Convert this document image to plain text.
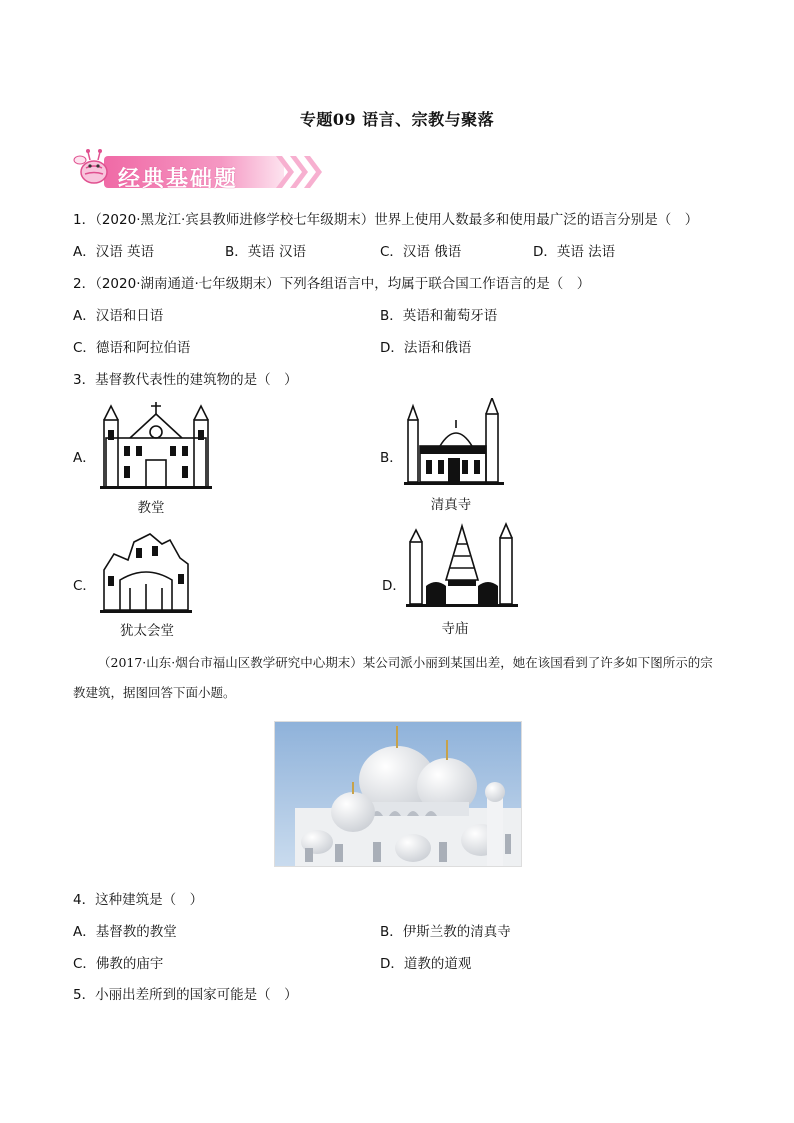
专题09 语言、宗教与聚落
经典基础题
1．（2020·黑龙江·宾县教师进修学校七年级期末）世界上使用人数最多和使用最广泛的语言分别是（　）
A．汉语 英语	B．英语 汉语	C．汉语 俄语	D．英语 法语
2．（2020·湖南通道·七年级期末）下列各组语言中，均属于联合国工作语言的是（　）
A．汉语和日语	B．英语和葡萄牙语
C．德语和阿拉伯语	D．法语和俄语
3．基督教代表性的建筑物的是（　）
A．
教堂
B．
清真寺
C．
犹太会堂
D．
寺庙
（2017·山东·烟台市福山区教学研究中心期末）某公司派小丽到某国出差，她在该国看到了许多如下图所示的宗教建筑，据图回答下面小题。
4．这种建筑是（　）
A．基督教的教堂	B．伊斯兰教的清真寺
C．佛教的庙宇	D．道教的道观
5．小丽出差所到的国家可能是（　）
